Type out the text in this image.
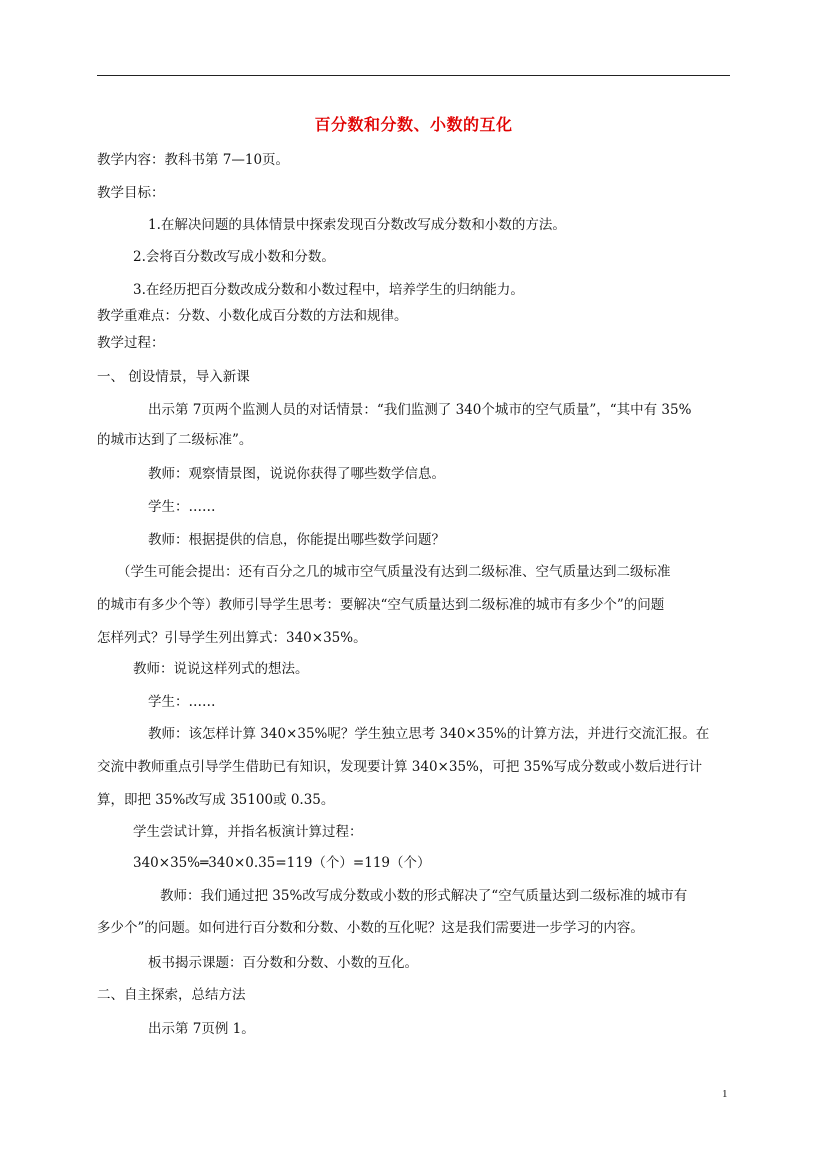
百分数和分数、小数的互化
教学内容：教科书第 7—10页。
教学目标：
1.在解决问题的具体情景中探索发现百分数改写成分数和小数的方法。
2.会将百分数改写成小数和分数。
3.在经历把百分数改成分数和小数过程中，培养学生的归纳能力。
教学重难点：分数、小数化成百分数的方法和规律。
教学过程：
一、 创设情景，导入新课
出示第 7页两个监测人员的对话情景：“我们监测了 340个城市的空气质量”，“其中有 35%
的城市达到了二级标准”。
教师：观察情景图，说说你获得了哪些数学信息。
学生：……
教师：根据提供的信息，你能提出哪些数学问题？
（学生可能会提出：还有百分之几的城市空气质量没有达到二级标准、空气质量达到二级标准
的城市有多少个等）教师引导学生思考：要解决“空气质量达到二级标准的城市有多少个”的问题
怎样列式？引导学生列出算式：340×35%。
教师：说说这样列式的想法。
学生：……
教师：该怎样计算 340×35%呢？学生独立思考 340×35%的计算方法，并进行交流汇报。在
交流中教师重点引导学生借助已有知识，发现要计算 340×35%，可把 35%写成分数或小数后进行计
算，即把 35%改写成 35100或 0.35。
学生尝试计算，并指名板演计算过程：
340×35%═340×0.35=119（个）=119（个）
教师：我们通过把 35%改写成分数或小数的形式解决了“空气质量达到二级标准的城市有
多少个”的问题。如何进行百分数和分数、小数的互化呢？这是我们需要进一步学习的内容。
板书揭示课题：百分数和分数、小数的互化。
二、自主探索，总结方法
出示第 7页例 1。
1
